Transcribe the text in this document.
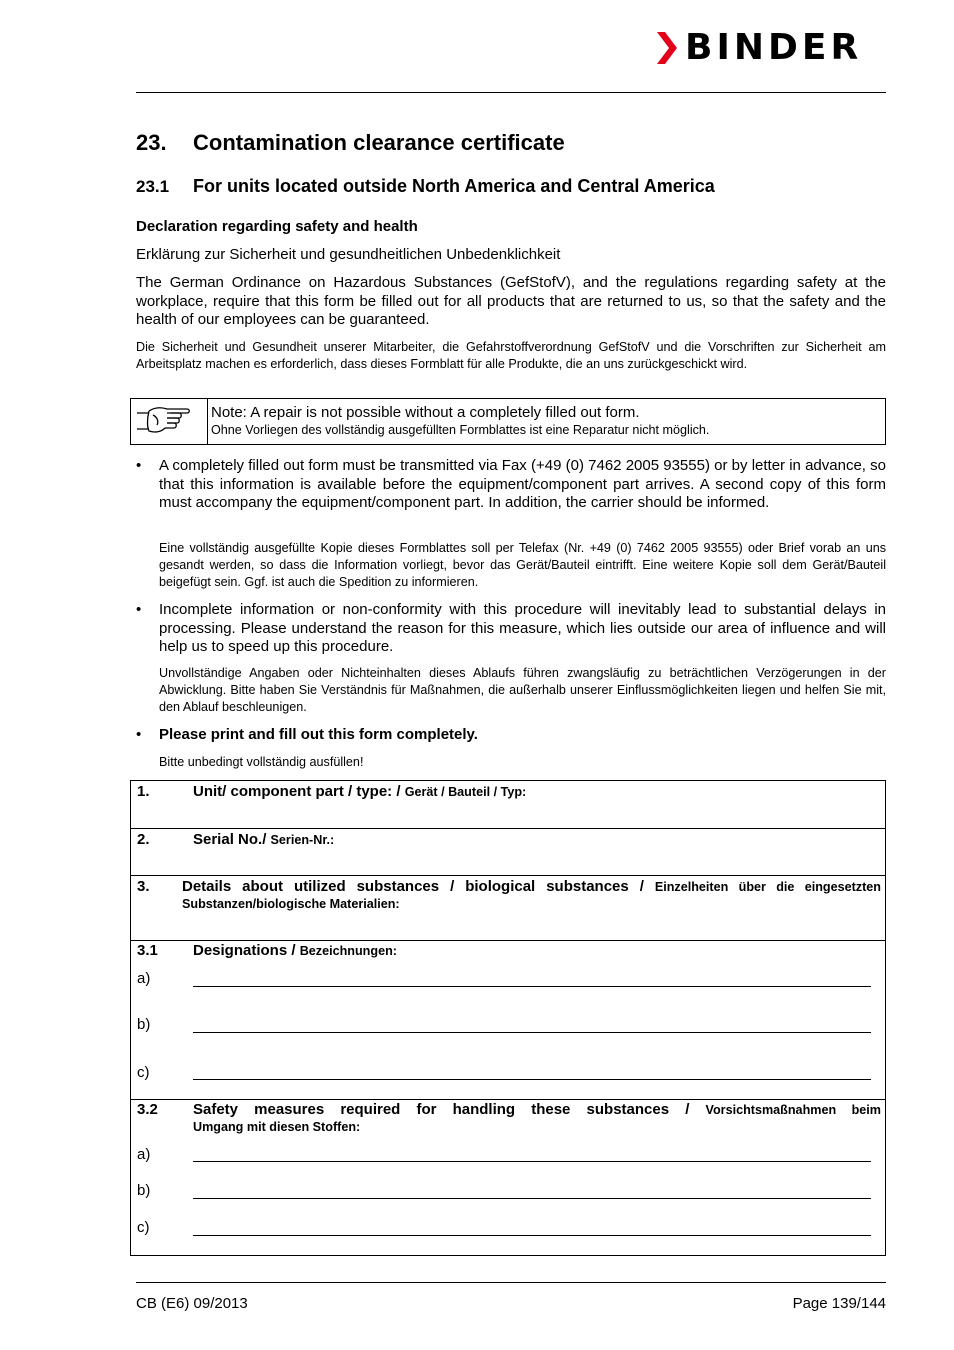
BINDER
23. Contamination clearance certificate
23.1 For units located outside North America and Central America
Declaration regarding safety and health
Erklärung zur Sicherheit und gesundheitlichen Unbedenklichkeit
The German Ordinance on Hazardous Substances (GefStofV), and the regulations regarding safety at the workplace, require that this form be filled out for all products that are returned to us, so that the safety and the health of our employees can be guaranteed.
Die Sicherheit und Gesundheit unserer Mitarbeiter, die Gefahrstoffverordnung GefStofV und die Vorschriften zur Sicherheit am Arbeitsplatz machen es erforderlich, dass dieses Formblatt für alle Produkte, die an uns zurückgeschickt wird.
Note: A repair is not possible without a completely filled out form.
Ohne Vorliegen des vollständig ausgefüllten Formblattes ist eine Reparatur nicht möglich.
• A completely filled out form must be transmitted via Fax (+49 (0) 7462 2005 93555) or by letter in advance, so that this information is available before the equipment/component part arrives. A second copy of this form must accompany the equipment/component part. In addition, the carrier should be informed.
Eine vollständig ausgefüllte Kopie dieses Formblattes soll per Telefax (Nr. +49 (0) 7462 2005 93555) oder Brief vorab an uns gesandt werden, so dass die Information vorliegt, bevor das Gerät/Bauteil eintrifft. Eine weitere Kopie soll dem Gerät/Bauteil beigefügt sein. Ggf. ist auch die Spedition zu informieren.
• Incomplete information or non-conformity with this procedure will inevitably lead to substantial delays in processing. Please understand the reason for this measure, which lies outside our area of influence and will help us to speed up this procedure.
Unvollständige Angaben oder Nichteinhalten dieses Ablaufs führen zwangsläufig zu beträchtlichen Verzögerungen in der Abwicklung. Bitte haben Sie Verständnis für Maßnahmen, die außerhalb unserer Einflussmöglichkeiten liegen und helfen Sie mit, den Ablauf beschleunigen.
• Please print and fill out this form completely.
Bitte unbedingt vollständig ausfüllen!
1.	Unit/ component part / type: / Gerät / Bauteil / Typ:
2.	Serial No./ Serien-Nr.:
3. Details about utilized substances / biological substances / Einzelheiten über die eingesetzten
Substanzen/biologische Materialien:
3.1 Designations / Bezeichnungen:
a)
b)
c)
3.2 Safety measures required for handling these substances / Vorsichtsmaßnahmen beim
Umgang mit diesen Stoffen:
a)
b)
c)
CB (E6) 09/2013	Page 139/144
